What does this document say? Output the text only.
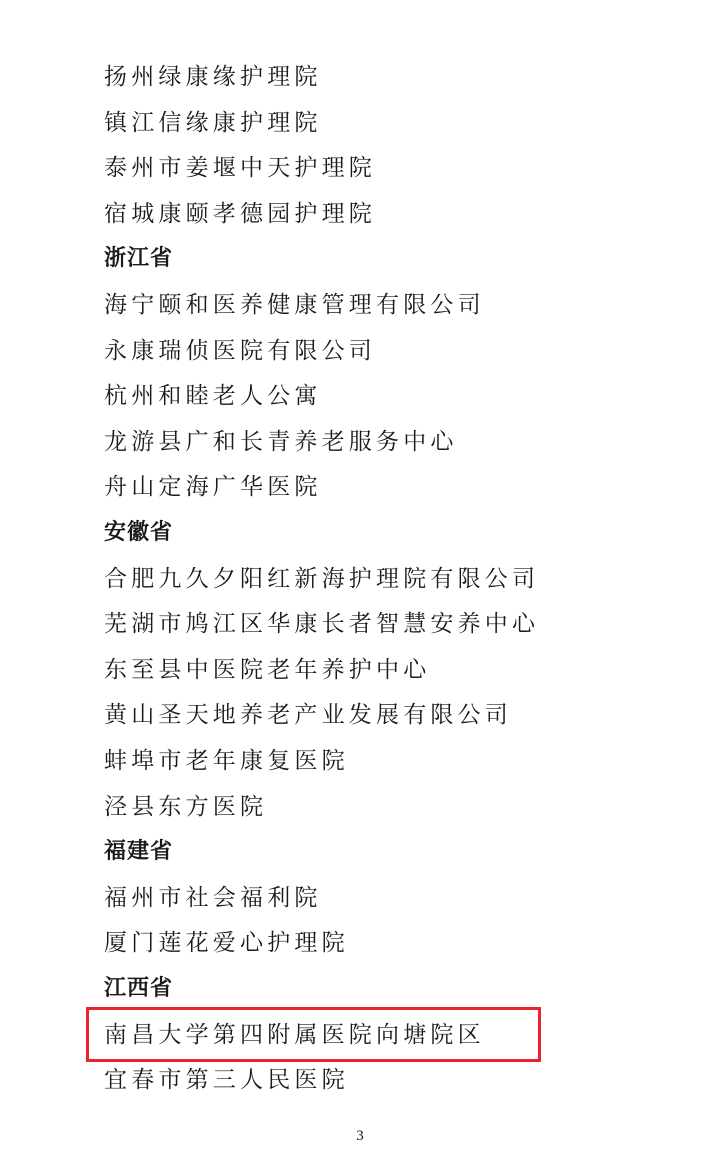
扬州绿康缘护理院
镇江信缘康护理院
泰州市姜堰中天护理院
宿城康颐孝德园护理院
浙江省
海宁颐和医养健康管理有限公司
永康瑞侦医院有限公司
杭州和睦老人公寓
龙游县广和长青养老服务中心
舟山定海广华医院
安徽省
合肥九久夕阳红新海护理院有限公司
芜湖市鸠江区华康长者智慧安养中心
东至县中医院老年养护中心
黄山圣天地养老产业发展有限公司
蚌埠市老年康复医院
泾县东方医院
福建省
福州市社会福利院
厦门莲花爱心护理院
江西省
南昌大学第四附属医院向塘院区
宜春市第三人民医院
3
